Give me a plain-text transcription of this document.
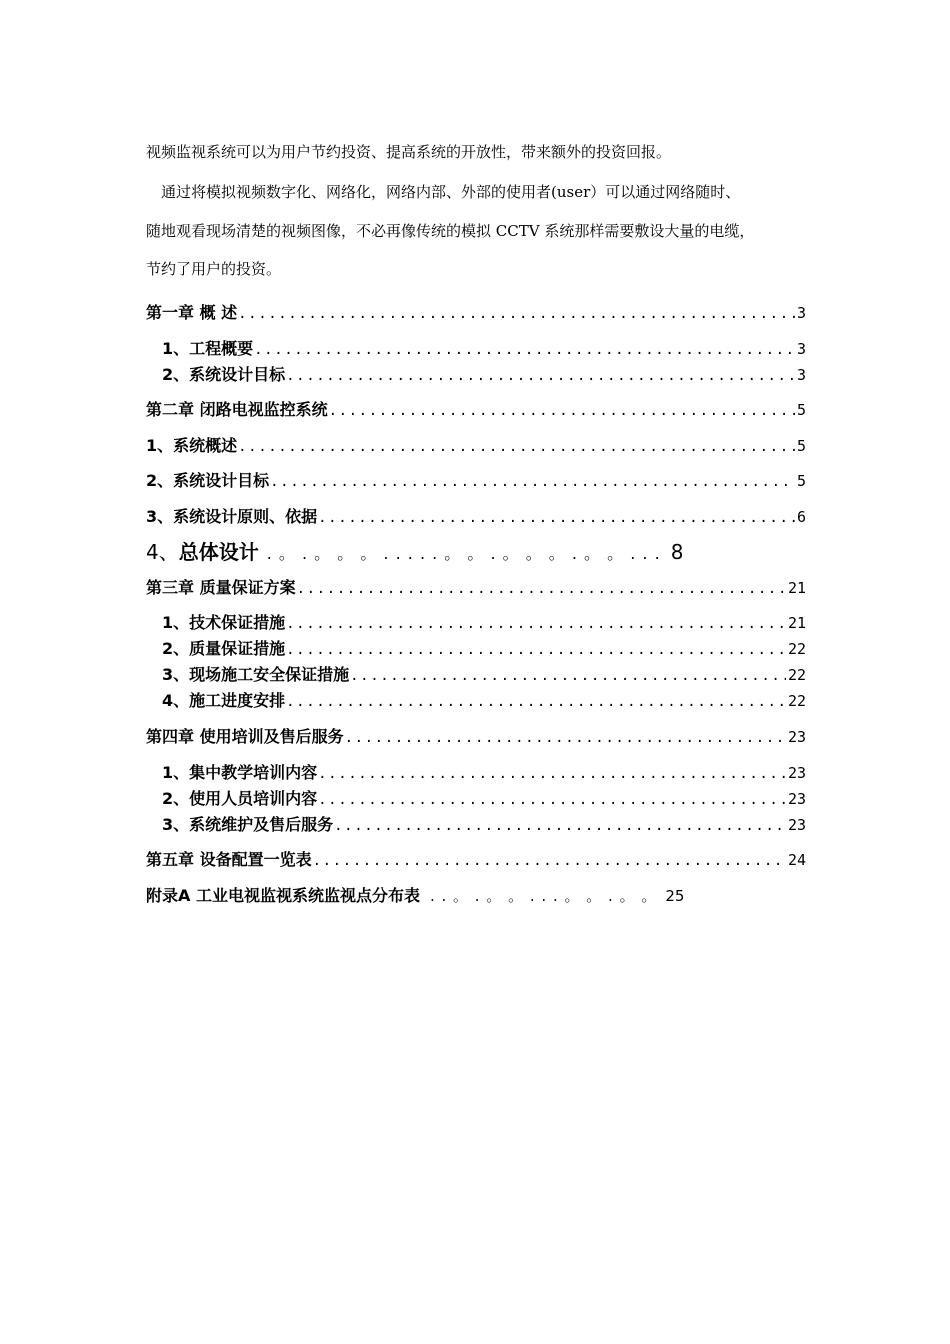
视频监视系统可以为用户节约投资、提高系统的开放性，带来额外的投资回报。
　通过将模拟视频数字化、网络化，网络内部、外部的使用者(user）可以通过网络随时、
随地观看现场清楚的视频图像，不必再像传统的模拟 CCTV 系统那样需要敷设大量的电缆，
节约了用户的投资。
第一章 概 述 .....	3
1、工程概要 .....	3
2、系统设计目标 .....	3
第二章 闭路电视监控系统 .....	5
1、系统概述 .....	5
2、系统设计目标 .....	5
3、系统设计原则、依据 .....	6
4、总体设计 . 。 . 。 。 。 . . . . . 。 。 . 。 。 。 . 。 。 . . . 8
第三章 质量保证方案 .....	21
1、技术保证措施 .....	21
2、质量保证措施 .....	22
3、现场施工安全保证措施 .....	22
4、施工进度安排 .....	22
第四章 使用培训及售后服务 .....	23
1、集中教学培训内容 .....	23
2、使用人员培训内容 .....	23
3、系统维护及售后服务 .....	23
第五章 设备配置一览表 .....	24
附录A 工业电视监视系统监视点分布表 . . 。 . 。 。 . . . 。 。 . 。 。 25
